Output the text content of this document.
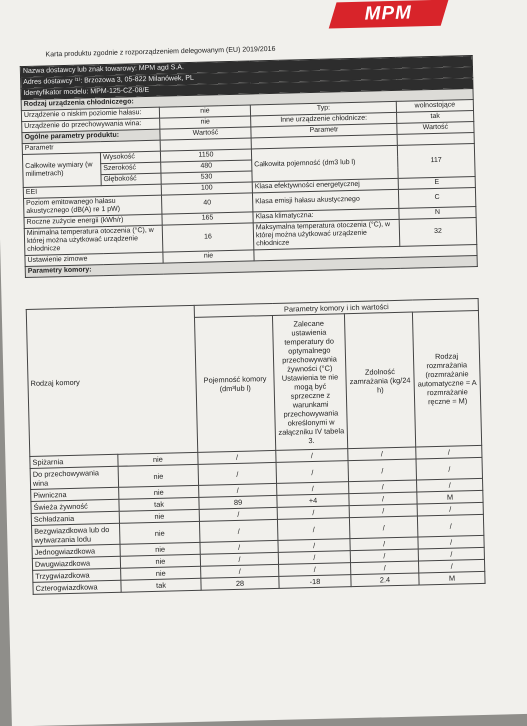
MPM
Karta produktu zgodnie z rozporządzeniem delegowanym (EU) 2019/2016
Nazwa dostawcy lub znak towarowy: MPM agd S.A.				
Adres dostawcy ⁽¹⁾: Brzozowa 3, 05-822 Milanówek, PL				
Identyfikator modelu: MPM-125-CZ-08/E				
Rodzaj urządzenia chłodniczego:				
Urządzenie o niskim poziomie hałasu:		nie	Typ:	wolnostojące
Urządzenie do przechowywania wina:		nie	Inne urządzenie chłodnicze:	tak
Ogólne parametry produktu:		Wartość	Parametr	Wartość
Parametr				
Całkowite wymiary (w milimetrach)	Wysokość	1150	Całkowita pojemność (dm3 lub l)	117
	Szerokość	480		
	Głębokość	530		
EEI		100	Klasa efektywności energetycznej	E
Poziom emitowanego hałasu akustycznego (dB(A) re 1 pW)		40	Klasa emisji hałasu akustycznego	C
Roczne zużycie energii (kWh/r)		165	Klasa klimatyczna:	N
Minimalna temperatura otoczenia (°C), w której można użytkować urządzenie chłodnicze		16	Maksymalna temperatura otoczenia (°C), w której można użytkować urządzenie chłodnicze	32
Ustawienie zimowe		nie		
Parametry komory:				
Rodzaj komory		Parametry komory i ich wartości			
		Pojemność komory (dm³lub l)	Zalecane ustawienia temperatury do optymalnego przechowywania żywności (°C) Ustawienia te nie mogą być sprzeczne z warunkami przechowywania określonymi w załączniku IV tabela 3.	Zdolność zamrażania (kg/24 h)	Rodzaj rozmrażania (rozmrażanie automatyczne = A rozmrażanie ręczne = M)
Spiżarnia	nie	/	/	/	/
Do przechowywania wina	nie	/	/	/	/
Piwniczna	nie	/	/	/	/
Świeża żywność	tak	89	+4	/	M
Schładzania	nie	/	/	/	/
Bezgwiazdkowa lub do wytwarzania lodu	nie	/	/	/	/
Jednogwiazdkowa	nie	/	/	/	/
Dwugwiazdkowa	nie	/	/	/	/
Trzygwiazdkowa	nie	/	/	/	/
Czterogwiazdkowa	tak	28	-18	2.4	M
